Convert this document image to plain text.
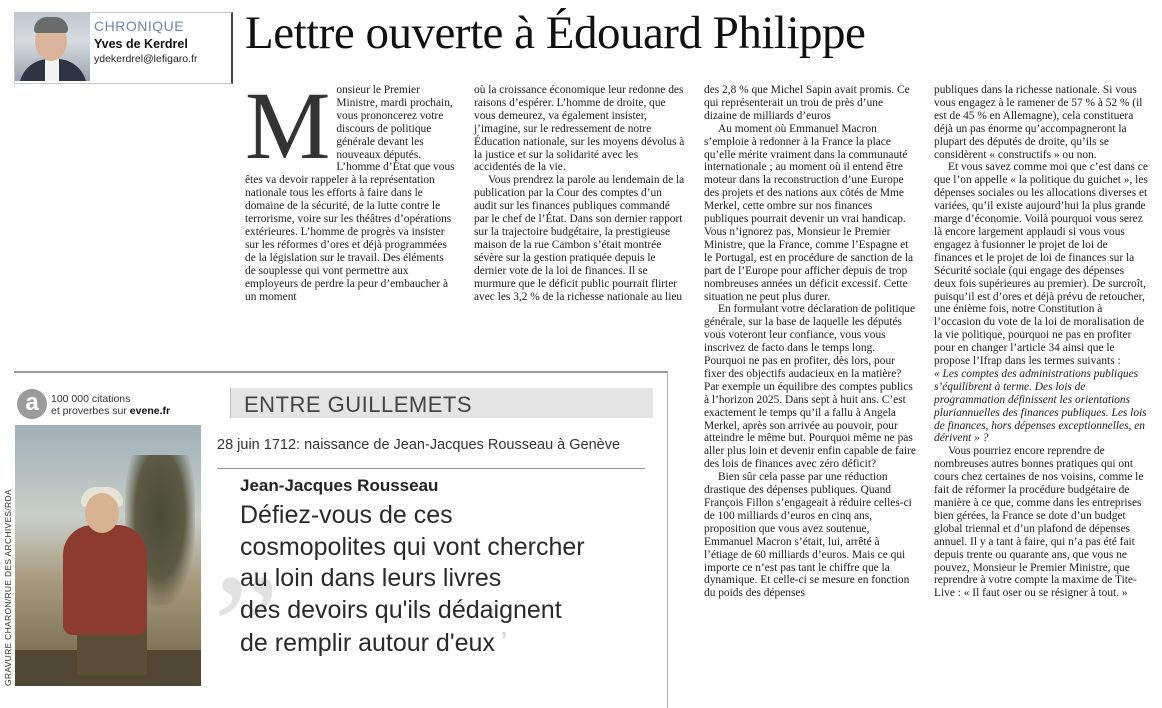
CHRONIQUE
Yves de Kerdrel
ydekerdrel@lefigaro.fr Lettre ouverte à Édouard Philippe
M onsieur le Premier Ministre, mardi prochain, vous prononcerez votre discours de politique générale devant les nouveaux députés. L’homme d’État que vous êtes va devoir rappeler à la représentation nationale tous les efforts à faire dans le domaine de la sécurité, de la lutte contre le terrorisme, voire sur les théâtres d’opérations extérieures. L’homme de progrès va insister sur les réformes d’ores et déjà programmées de la législation sur le travail. Des éléments de souplesse qui vont permettre aux employeurs de perdre la peur d’embaucher à un moment

où la croissance économique leur redonne des raisons d’espérer. L’homme de droite, que vous demeurez, va également insister, j’imagine, sur le redressement de notre Éducation nationale, sur les moyens dévolus à la justice et sur la solidarité avec les accidentés de la vie.

Vous prendrez la parole au lendemain de la publication par la Cour des comptes d’un audit sur les finances publiques commandé par le chef de l’État. Dans son dernier rapport sur la trajectoire budgétaire, la prestigieuse maison de la rue Cambon s’était montrée sévère sur la gestion pratiquée depuis le dernier vote de la loi de finances. Il se murmure que le déficit public pourrait flirter avec les 3,2 % de la richesse nationale au lieu

des 2,8 % que Michel Sapin avait promis. Ce qui représenterait un trou de près d’une dizaine de milliards d’euros

Au moment où Emmanuel Macron s’emploie à redonner à la France la place qu’elle mérite vraiment dans la communauté internationale ; au moment où il entend être moteur dans la reconstruction d’une Europe des projets et des nations aux côtés de Mme Merkel, cette ombre sur nos finances publiques pourrait devenir un vrai handicap. Vous n’ignorez pas, Monsieur le Premier Ministre, que la France, comme l’Espagne et le Portugal, est en procédure de sanction de la part de l’Europe pour afficher depuis de trop nombreuses années un déficit excessif. Cette situation ne peut plus durer.

En formulant votre déclaration de politique générale, sur la base de laquelle les députés vous voteront leur confiance, vous vous inscrivez de facto dans le temps long. Pourquoi ne pas en profiter, dès lors, pour fixer des objectifs audacieux en la matière? Par exemple un équilibre des comptes publics à l’horizon 2025. Dans sept à huit ans. C’est exactement le temps qu’il a fallu à Angela Merkel, après son arrivée au pouvoir, pour atteindre le même but. Pourquoi même ne pas aller plus loin et devenir enfin capable de faire des lois de finances avec zéro déficit?

Bien sûr cela passe par une réduction drastique des dépenses publiques. Quand François Fillon s’engageait à réduire celles-ci de 100 milliards d’euros en cinq ans, proposition que vous avez soutenue, Emmanuel Macron s’était, lui, arrêté à l’étiage de 60 milliards d’euros. Mais ce qui importe ce n’est pas tant le chiffre que la dynamique. Et celle-ci se mesure en fonction du poids des dépenses

publiques dans la richesse nationale. Si vous vous engagez à le ramener de 57 % à 52 % (il est de 45 % en Allemagne), cela constituera déjà un pas énorme qu’accompagneront la plupart des députés de droite, qu’ils se considèrent « constructifs » ou non.

Et vous savez comme moi que c’est dans ce que l’on appelle « la politique du guichet », les dépenses sociales ou les allocations diverses et variées, qu’il existe aujourd’hui la plus grande marge d’économie. Voilà pourquoi vous serez là encore largement applaudi si vous vous engagez à fusionner le projet de loi de finances et le projet de loi de finances sur la Sécurité sociale (qui engage des dépenses deux fois supérieures au premier). De surcroît, puisqu’il est d’ores et déjà prévu de retoucher, une énième fois, notre Constitution à l’occasion du vote de la loi de moralisation de la vie politique, pourquoi ne pas en profiter pour en changer l’article 34 ainsi que le propose l’Ifrap dans les termes suivants :

« Les comptes des administrations publiques s’équilibrent à terme. Des lois de programmation définissent les orientations pluriannuelles des finances publiques. Les lois de finances, hors dépenses exceptionnelles, en dérivent » ?

Vous pourriez encore reprendre de nombreuses autres bonnes pratiques qui ont cours chez certaines de nos voisins, comme le fait de réformer la procédure budgétaire de manière à ce que, comme dans les entreprises bien gérées, la France se dote d’un budget global triennal et d’un plafond de dépenses annuel. Il y a tant à faire, qui n’a pas été fait depuis trente ou quarante ans, que vous ne pouvez, Monsieur le Premier Ministre, que reprendre à votre compte la maxime de Tite-Live : « Il faut oser ou se résigner à tout. »

a	100 000 citations
et proverbes sur evene.fr	ENTRE GUILLEMETS
GRAVURE CHARON/RUE DES ARCHIVES/RDA
28 juin 1712: naissance de Jean-Jacques Rousseau à Genève
„
Jean-Jacques Rousseau
Défiez-vous de ces
cosmopolites qui vont chercher
au loin dans leurs livres
des devoirs qu'ils dédaignent
de remplir autour d'eux ’
